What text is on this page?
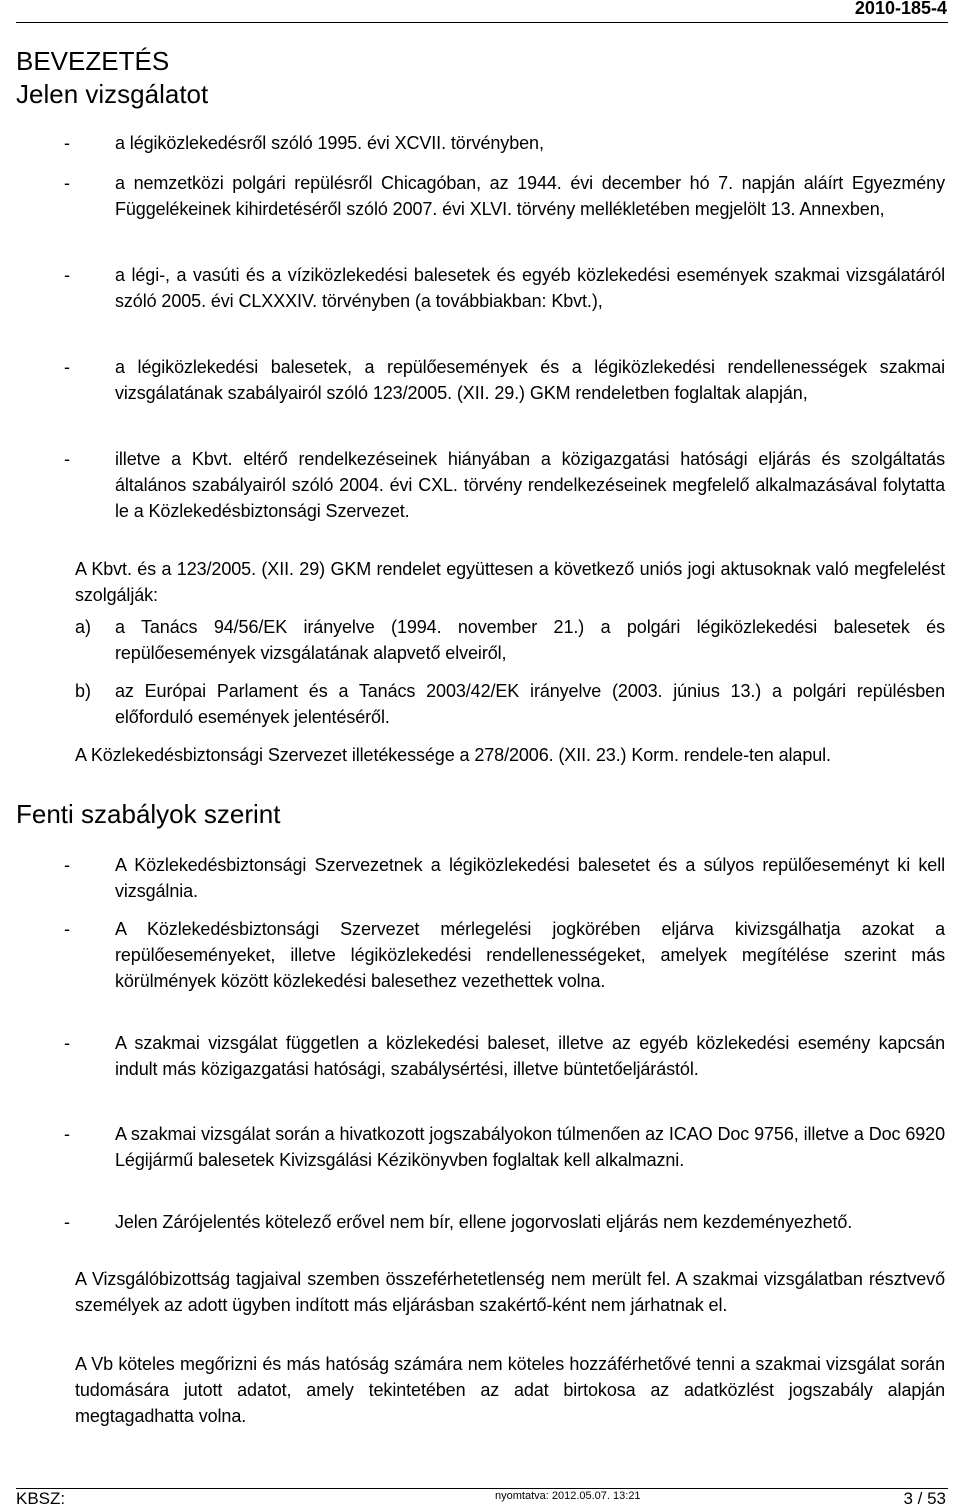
2010-185-4
BEVEZETÉS
Jelen vizsgálatot
-	a légiközlekedésről szóló 1995. évi XCVII. törvényben,
-	a nemzetközi polgári repülésről Chicagóban, az 1944. évi december hó 7. napján aláírt Egyezmény Függelékeinek kihirdetéséről szóló 2007. évi XLVI. törvény mellékletében megjelölt 13. Annexben,
-	a légi-, a vasúti és a víziközlekedési balesetek és egyéb közlekedési események szakmai vizsgálatáról szóló 2005. évi CLXXXIV. törvényben (a továbbiakban: Kbvt.),
-	a légiközlekedési balesetek, a repülőesemények és a légiközlekedési rendellenességek szakmai vizsgálatának szabályairól szóló 123/2005. (XII. 29.) GKM rendeletben foglaltak alapján,
-	illetve a Kbvt. eltérő rendelkezéseinek hiányában a közigazgatási hatósági eljárás és szolgáltatás általános szabályairól szóló 2004. évi CXL. törvény rendelkezéseinek megfelelő alkalmazásával folytatta le a Közlekedésbiztonsági Szervezet.
A Kbvt. és a 123/2005. (XII. 29) GKM rendelet együttesen a következő uniós jogi aktusoknak való megfelelést szolgálják:
a) a Tanács 94/56/EK irányelve (1994. november 21.) a polgári légiközlekedési balesetek és repülőesemények vizsgálatának alapvető elveiről,
b) az Európai Parlament és a Tanács 2003/42/EK irányelve (2003. június 13.) a polgári repülésben előforduló események jelentéséről.
A Közlekedésbiztonsági Szervezet illetékessége a 278/2006. (XII. 23.) Korm. rendele-ten alapul.
Fenti szabályok szerint
-	A Közlekedésbiztonsági Szervezetnek a légiközlekedési balesetet és a súlyos repülőeseményt ki kell vizsgálnia.
-	A Közlekedésbiztonsági Szervezet mérlegelési jogkörében eljárva kivizsgálhatja azokat a repülőeseményeket, illetve légiközlekedési rendellenességeket, amelyek megítélése szerint más körülmények között közlekedési balesethez vezethettek volna.
-	A szakmai vizsgálat független a közlekedési baleset, illetve az egyéb közlekedési esemény kapcsán indult más közigazgatási hatósági, szabálysértési, illetve büntetőeljárástól.
-	A szakmai vizsgálat során a hivatkozott jogszabályokon túlmenően az ICAO Doc 9756, illetve a Doc 6920 Légijármű balesetek Kivizsgálási Kézikönyvben foglaltak kell alkalmazni.
-	Jelen Zárójelentés kötelező erővel nem bír, ellene jogorvoslati eljárás nem kezdeményezhető.
A Vizsgálóbizottság tagjaival szemben összeférhetetlenség nem merült fel. A szakmai vizsgálatban résztvevő személyek az adott ügyben indított más eljárásban szakértő-ként nem járhatnak el.
A Vb köteles megőrizni és más hatóság számára nem köteles hozzáférhetővé tenni a szakmai vizsgálat során tudomására jutott adatot, amely tekintetében az adat birtokosa az adatközlést jogszabály alapján megtagadhatta volna.
KBSZ:	nyomtatva: 2012.05.07. 13:21	3 / 53
